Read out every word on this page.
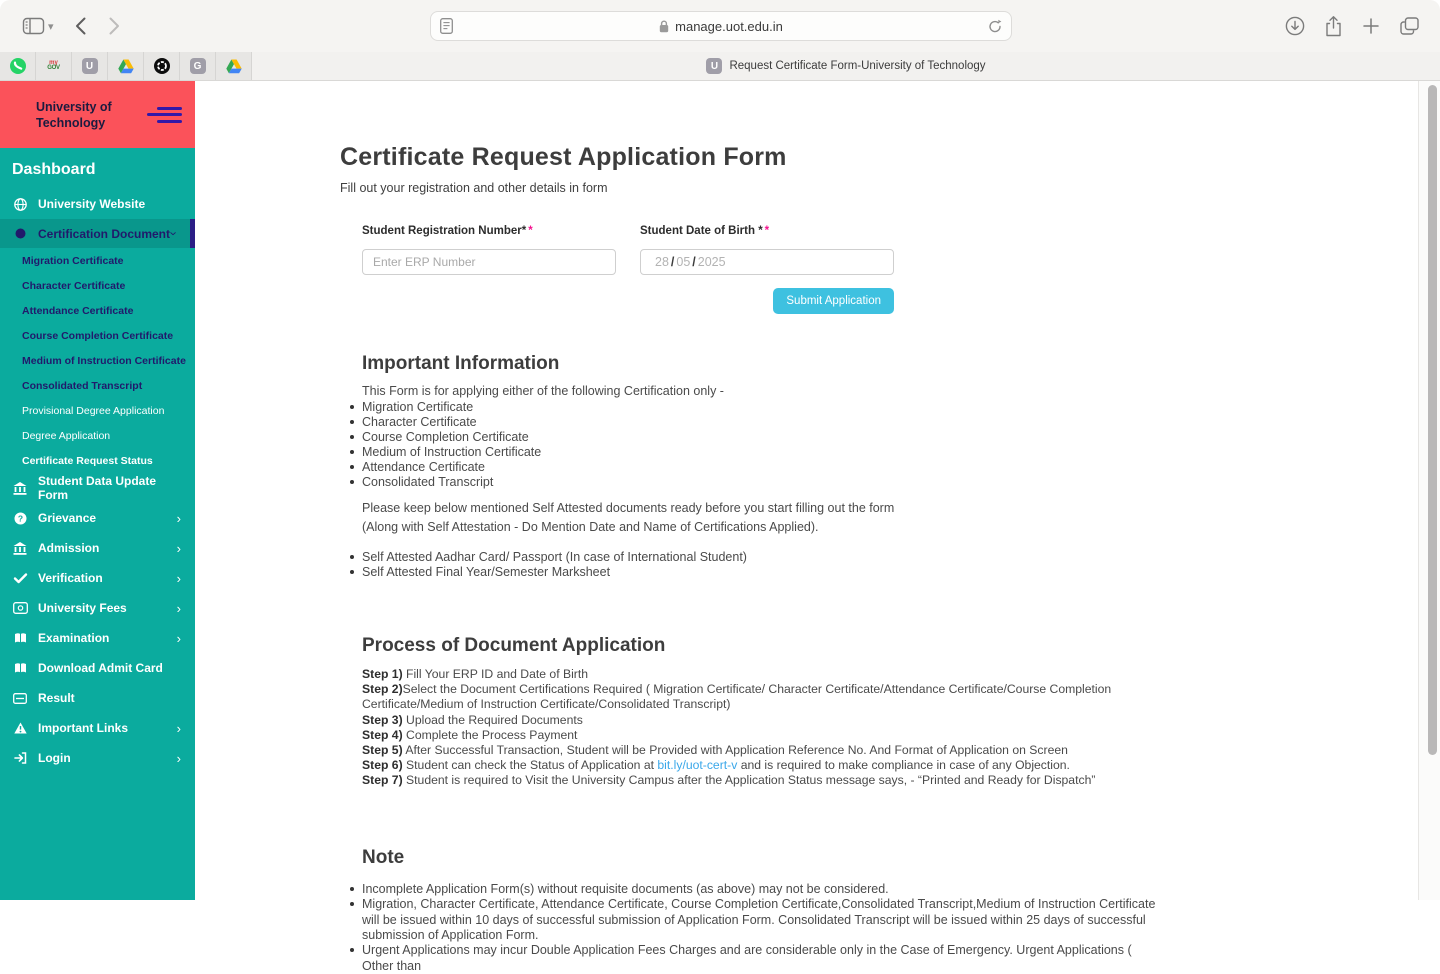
▾	manage.uot.edu.in
my
GOV	U	G	U Request Certificate Form-University of Technology
University of
Technology
Dashboard
University Website
Certification Document
›
Migration Certificate
Character Certificate
Attendance Certificate
Course Completion Certificate
Medium of Instruction Certificate
Consolidated Transcript
Provisional Degree Application
Degree Application
Certificate Request Status
Student Data Update Form
? Grievance	›
Admission	›
Verification	›
University Fees	›
Examination	›
Download Admit Card
Result
Important Links	›
Login	›
Certificate Request Application Form
Fill out your registration and other details in form
Student Registration Number* *
Enter ERP Number	Student Date of Birth * *
28 / 05 / 2025
Submit Application
Important Information

This Form is for applying either of the following Certification only -

Migration Certificate
Character Certificate
Course Completion Certificate
Medium of Instruction Certificate
Attendance Certificate
Consolidated Transcript

Please keep below mentioned Self Attested documents ready before you start filling out the form
(Along with Self Attestation - Do Mention Date and Name of Certifications Applied).

Self Attested Aadhar Card/ Passport (In case of International Student)
Self Attested Final Year/Semester Marksheet
Process of Document Application
Step 1) Fill Your ERP ID and Date of Birth
Step 2)Select the Document Certifications Required ( Migration Certificate/ Character Certificate/Attendance Certificate/Course Completion Certificate/Medium of Instruction Certificate/Consolidated Transcript)
Step 3) Upload the Required Documents
Step 4) Complete the Process Payment
Step 5) After Successful Transaction, Student will be Provided with Application Reference No. And Format of Application on Screen
Step 6) Student can check the Status of Application at bit.ly/uot-cert-v and is required to make compliance in case of any Objection.
Step 7) Student is required to Visit the University Campus after the Application Status message says, - “Printed and Ready for Dispatch”
Note
Incomplete Application Form(s) without requisite documents (as above) may not be considered.
Migration, Character Certificate, Attendance Certificate, Course Completion Certificate,Consolidated Transcript,Medium of Instruction Certificate will be issued within 10 days of successful submission of Application Form. Consolidated Transcript will be issued within 25 days of successful submission of Application Form.
Urgent Applications may incur Double Application Fees Charges and are considerable only in the Case of Emergency. Urgent Applications ( Other than
